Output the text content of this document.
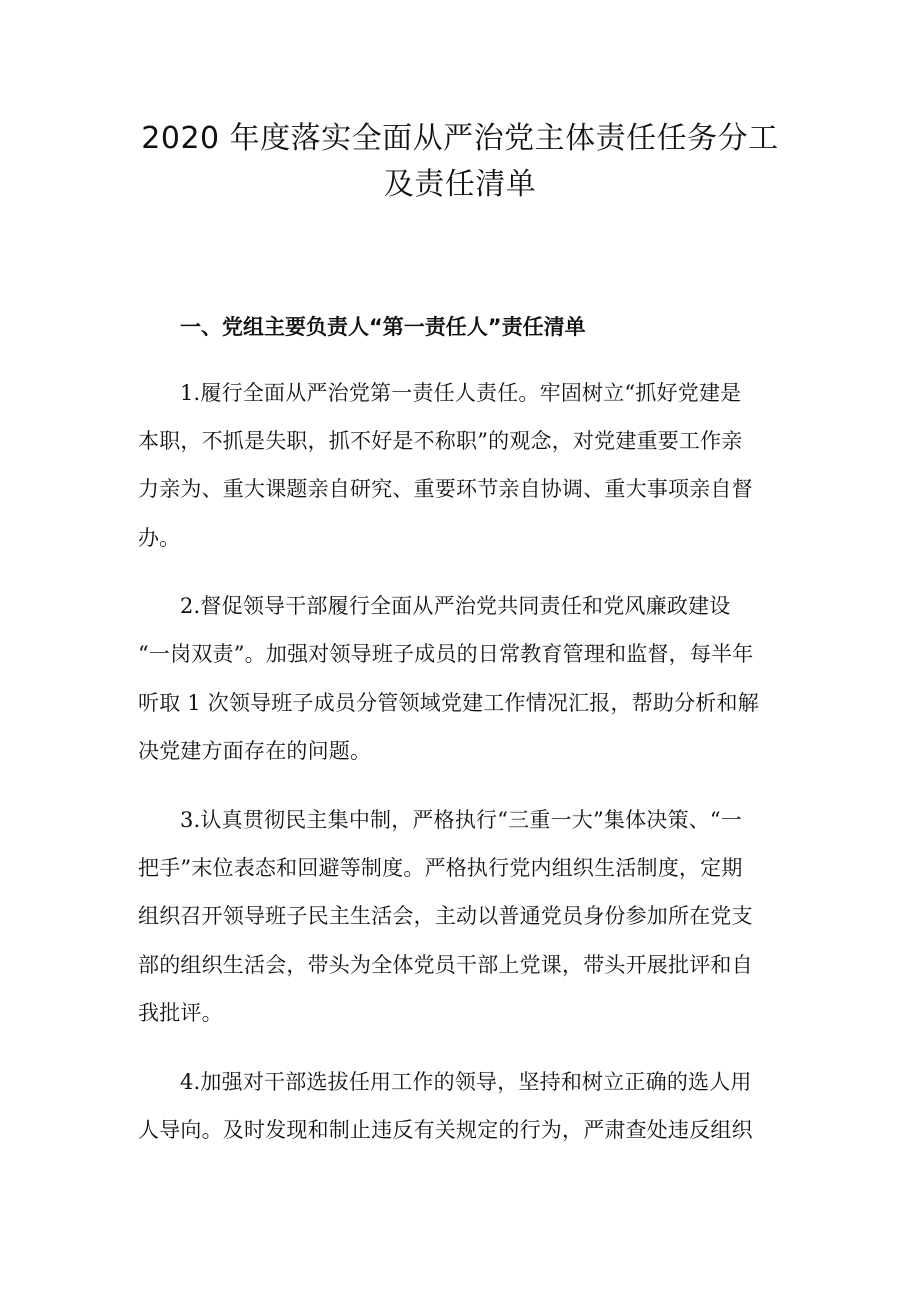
2020 年度落实全面从严治党主体责任任务分工
及责任清单
一、党组主要负责人“第一责任人”责任清单
1.履行全面从严治党第一责任人责任。牢固树立“抓好党建是
本职，不抓是失职，抓不好是不称职”的观念，对党建重要工作亲
力亲为、重大课题亲自研究、重要环节亲自协调、重大事项亲自督
办。
2.督促领导干部履行全面从严治党共同责任和党风廉政建设
“一岗双责”。加强对领导班子成员的日常教育管理和监督，每半年
听取 1 次领导班子成员分管领域党建工作情况汇报，帮助分析和解
决党建方面存在的问题。
3.认真贯彻民主集中制，严格执行“三重一大”集体决策、“一
把手”末位表态和回避等制度。严格执行党内组织生活制度，定期
组织召开领导班子民主生活会，主动以普通党员身份参加所在党支
部的组织生活会，带头为全体党员干部上党课，带头开展批评和自
我批评。
4.加强对干部选拔任用工作的领导，坚持和树立正确的选人用
人导向。及时发现和制止违反有关规定的行为，严肃查处违反组织
